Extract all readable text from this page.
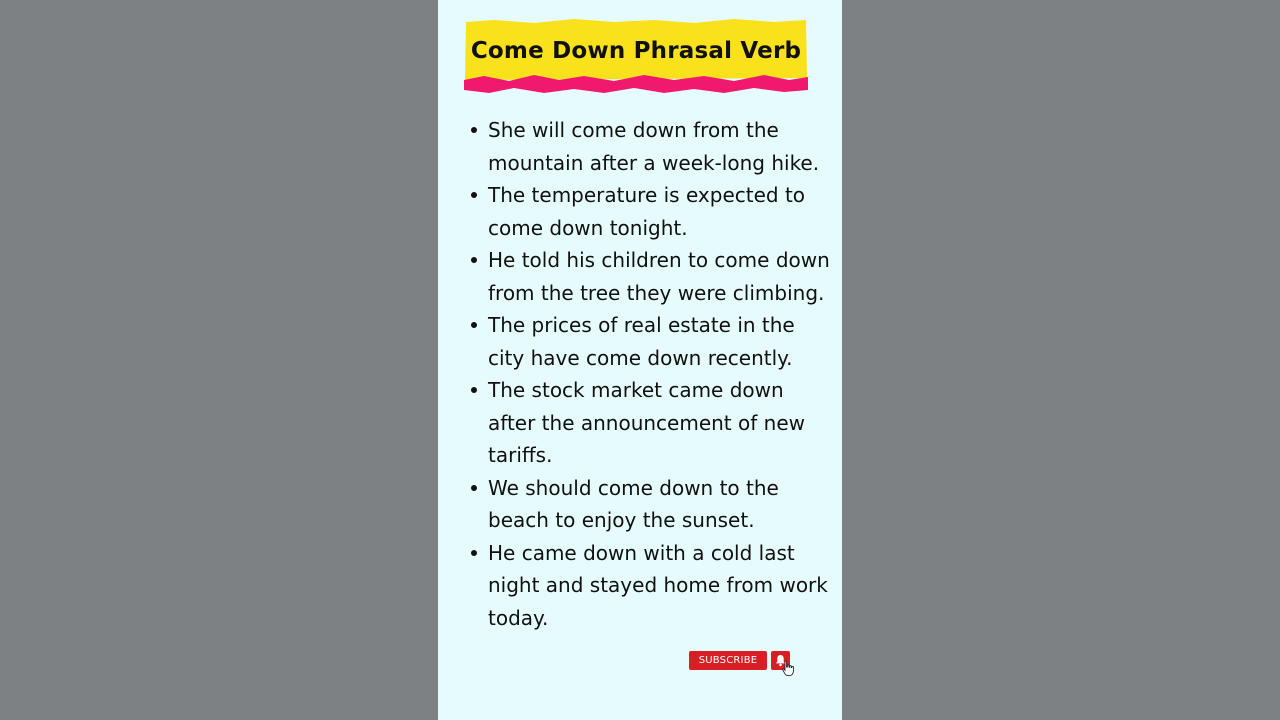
Come Down Phrasal Verb
She will come down from the mountain after a week-long hike.
The temperature is expected to come down tonight.
He told his children to come down from the tree they were climbing.
The prices of real estate in the city have come down recently.
The stock market came down after the announcement of new tariffs.
We should come down to the beach to enjoy the sunset.
He came down with a cold last night and stayed home from work today.
SUBSCRIBE
